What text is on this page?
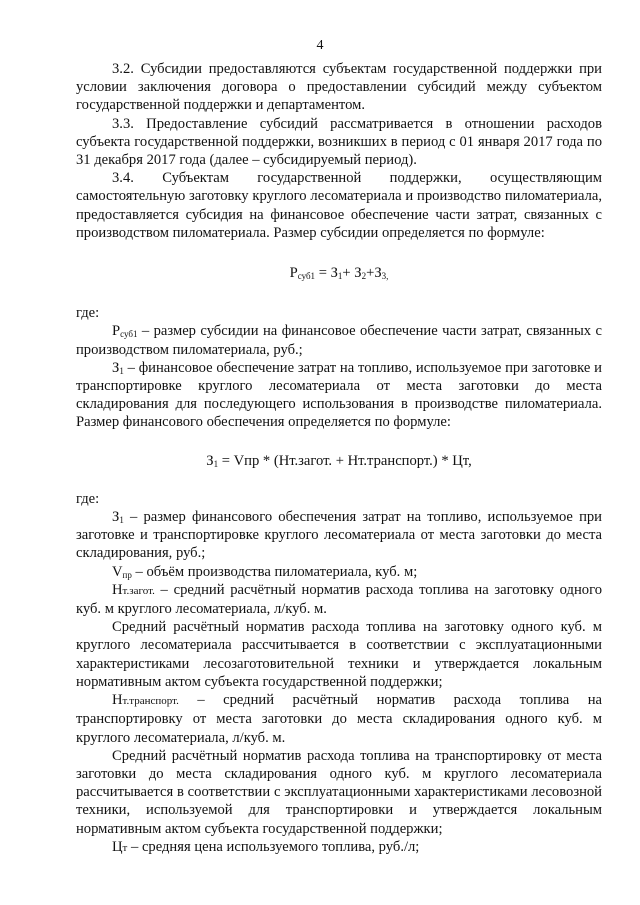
4

3.2. Субсидии предоставляются субъектам государственной поддержки при условии заключения договора о предоставлении субсидий между субъектом государственной поддержки и департаментом.

3.3. Предоставление субсидий рассматривается в отношении расходов субъекта государственной поддержки, возникших в период с 01 января 2017 года по 31 декабря 2017 года (далее – субсидируемый период).

3.4. Субъектам государственной поддержки, осуществляющим самостоятельную заготовку круглого лесоматериала и производство пиломатериала, предоставляется субсидия на финансовое обеспечение части затрат, связанных с производством пиломатериала. Размер субсидии определяется по формуле:

$Р_{суб1} = З_1+ З_2+З_{3,}$

где:

$Р_{суб1}$ – размер субсидии на финансовое обеспечение части затрат, связанных с производством пиломатериала, руб.;

$З_1$ – финансовое обеспечение затрат на топливо, используемое при заготовке и транспортировке круглого лесоматериала от места заготовки до места складирования для последующего использования в производстве пиломатериала. Размер финансового обеспечения определяется по формуле:

$З_1$ = Vпр * (Нт.загот. + Нт.транспорт.) * Цт,

где:

$З_1$ – размер финансового обеспечения затрат на топливо, используемое при заготовке и транспортировке круглого лесоматериала от места заготовки до места складирования, руб.;

$V_{пр}$ – объём производства пиломатериала, куб. м;

Нт.загот. – средний расчётный норматив расхода топлива на заготовку одного куб. м круглого лесоматериала, л/куб. м.

Средний расчётный норматив расхода топлива на заготовку одного куб. м круглого лесоматериала рассчитывается в соответствии с эксплуатационными характеристиками лесозаготовительной техники и утверждается локальным нормативным актом субъекта государственной поддержки;

Нт.транспорт. – средний расчётный норматив расхода топлива на транспортировку от места заготовки до места складирования одного куб. м круглого лесоматериала, л/куб. м.

Средний расчётный норматив расхода топлива на транспортировку от места заготовки до места складирования одного куб. м круглого лесоматериала рассчитывается в соответствии с эксплуатационными характеристиками лесовозной техники, используемой для транспортировки и утверждается локальным нормативным актом субъекта государственной поддержки;

Цт – средняя цена используемого топлива, руб./л;
